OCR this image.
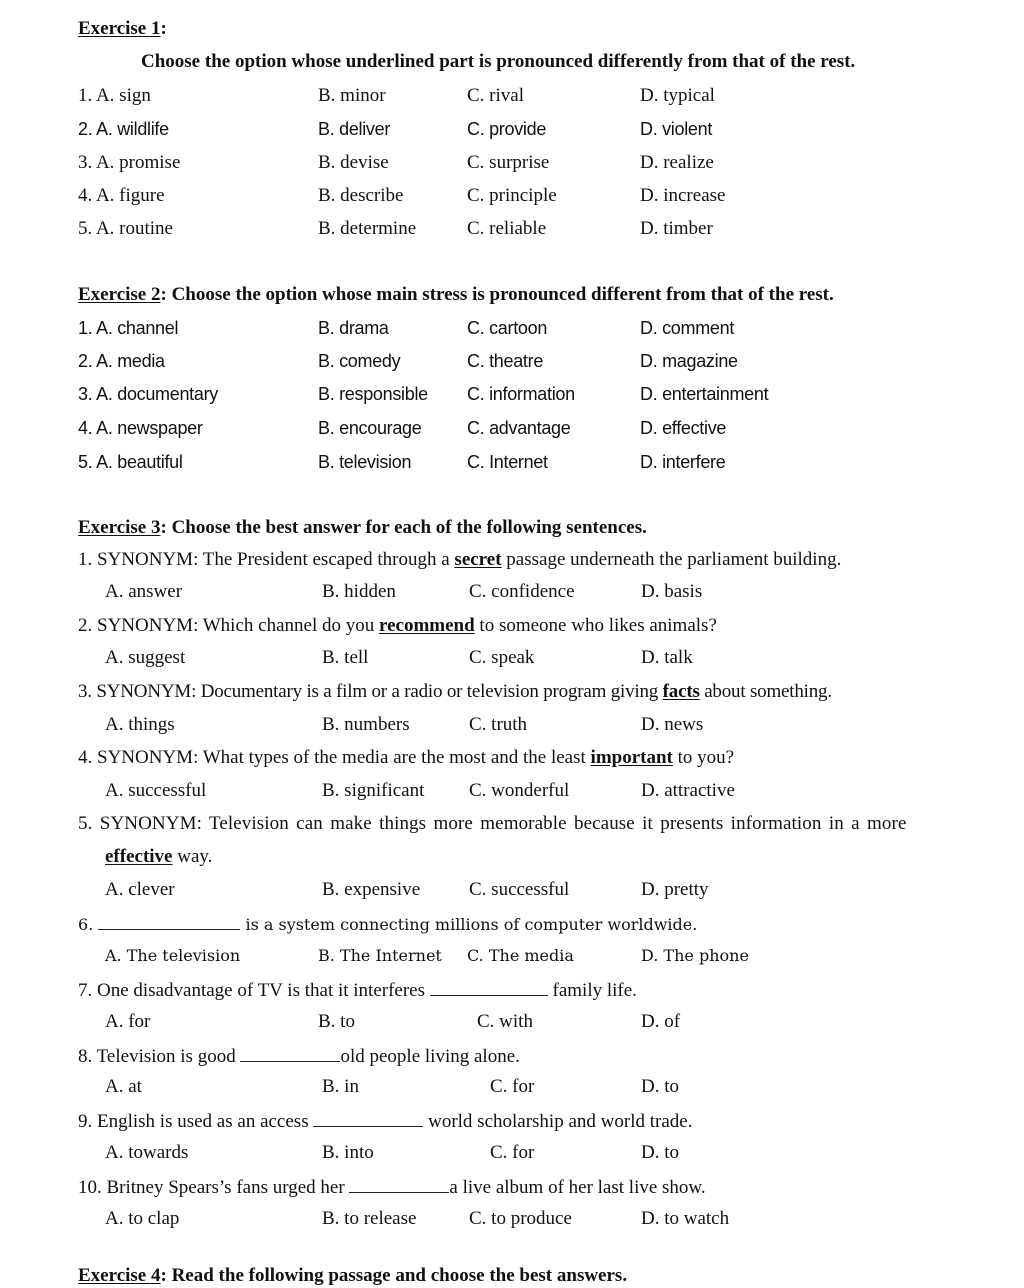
Exercise 1:
Choose the option whose underlined part is pronounced differently from that of the rest.
1. A. sign	B. minor	C. rival	D. typical
2. A. wildlife	B. deliver	C. provide	D. violent
3. A. promise	B. devise	C. surprise	D. realize
4. A. figure	B. describe	C. principle	D. increase
5. A. routine	B. determine	C. reliable	D. timber
Exercise 2: Choose the option whose main stress is pronounced different from that of the rest.
1. A. channel	B. drama	C. cartoon	D. comment
2. A. media	B. comedy	C. theatre	D. magazine
3. A. documentary	B. responsible C. information	D. entertainment
4. A. newspaper	B. encourage	C. advantage	D. effective
5. A. beautiful	B. television	C. Internet	D. interfere
Exercise 3: Choose the best answer for each of the following sentences.
1. SYNONYM: The President escaped through a secret passage underneath the parliament building.
A. answer	B. hidden	C. confidence	D. basis
2. SYNONYM: Which channel do you recommend to someone who likes animals?
A. suggest	B. tell	C. speak	D. talk
3. SYNONYM: Documentary is a film or a radio or television program giving facts about something.
A. things	B. numbers	C. truth	D. news
4. SYNONYM: What types of the media are the most and the least important to you?
A. successful	B. significant C. wonderful	D. attractive
5. SYNONYM: Television can make things more memorable because it presents information in a more
effective way.
A. clever	B. expensive	C. successful	D. pretty
6.	is a system connecting millions of computer worldwide.
A. The television	B. The Internet C. The media	D. The phone
7. One disadvantage of TV is that it interferes	family life.
A. for	B. to	C. with	D. of
8. Television is good	old people living alone.
A. at	B. in	C. for	D. to
9. English is used as an access	world scholarship and world trade.
A. towards	B. into	C. for	D. to
10. Britney Spears’s fans urged her	a live album of her last live show.
A. to clap	B. to release	C. to produce	D. to watch
Exercise 4: Read the following passage and choose the best answers.
